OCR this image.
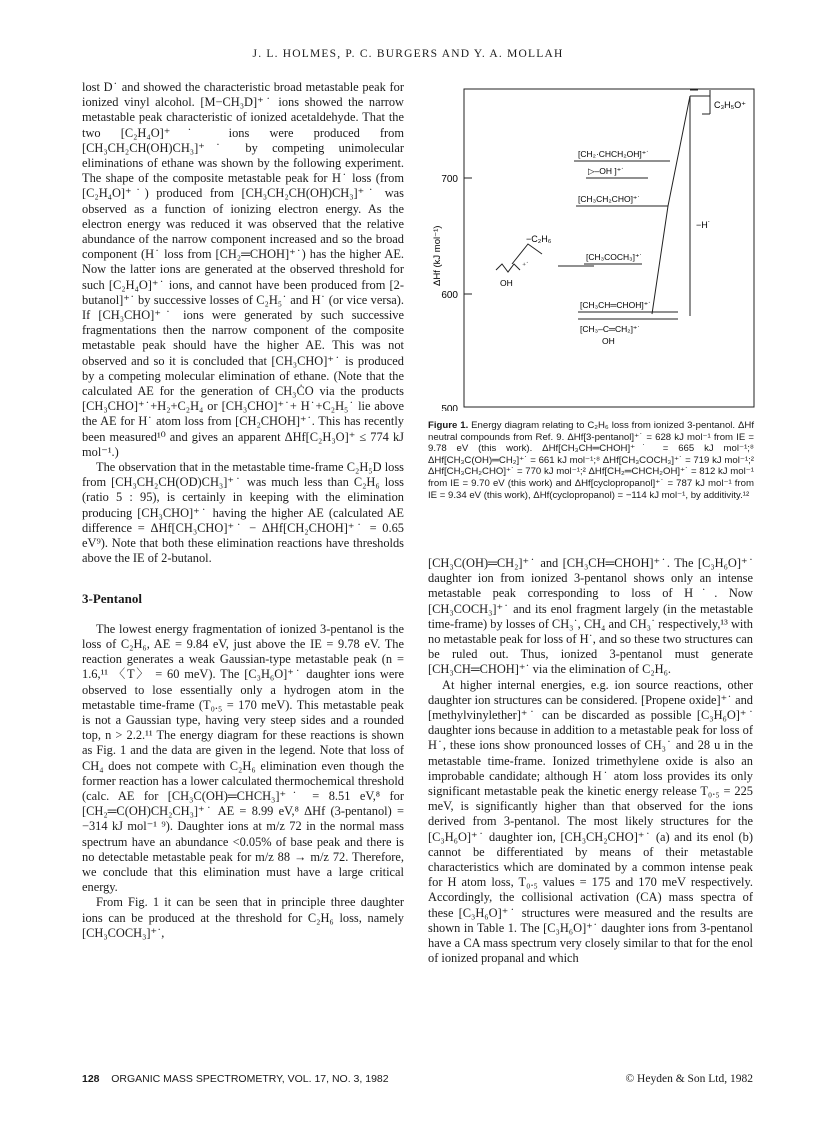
J. L. HOLMES, P. C. BURGERS AND Y. A. MOLLAH

lost D˙ and showed the characteristic broad metastable peak for ionized vinyl alcohol. [M−CH₃D]⁺˙ ions showed the narrow metastable peak characteristic of ionized acetaldehyde. That the two [C₂H₄O]⁺˙ ions were produced from [CH₃CH₂CH(OH)CH₃]⁺˙ by competing unimolecular eliminations of ethane was shown by the following experiment. The shape of the composite metastable peak for H˙ loss (from [C₂H₄O]⁺˙) produced from [CH₃CH₂CH(OH)CH₃]⁺˙ was observed as a function of ionizing electron energy. As the electron energy was reduced it was observed that the relative abundance of the narrow component increased and so the broad component (H˙ loss from [CH₂═CHOH]⁺˙) has the higher AE. Now the latter ions are generated at the observed threshold for such [C₂H₄O]⁺˙ ions, and cannot have been produced from [2-butanol]⁺˙ by successive losses of C₂H₅˙ and H˙ (or vice versa). If [CH₃CHO]⁺˙ ions were generated by such successive fragmentations then the narrow component of the composite metastable peak should have the higher AE. This was not observed and so it is concluded that [CH₃CHO]⁺˙ is produced by a competing molecular elimination of ethane. (Note that the calculated AE for the generation of CH₃ĊO via the products [CH₃CHO]⁺˙+H₂+C₂H₄ or [CH₃CHO]⁺˙+ H˙+C₂H₅˙ lie above the AE for H˙ atom loss from [CH₂CHOH]⁺˙. This has recently been measured¹⁰ and gives an apparent ΔHf[C₂H₃O]⁺ ≤ 774 kJ mol⁻¹.)

The observation that in the metastable time-frame C₂H₅D loss from [CH₃CH₂CH(OD)CH₃]⁺˙ was much less than C₂H₆ loss (ratio 5 : 95), is certainly in keeping with the elimination producing [CH₃CHO]⁺˙ having the higher AE (calculated AE difference = ΔHf[CH₃CHO]⁺˙ − ΔHf[CH₂CHOH]⁺˙ = 0.65 eV⁹). Note that both these elimination reactions have thresholds above the IE of 2-butanol.

3-Pentanol

The lowest energy fragmentation of ionized 3-pentanol is the loss of C₂H₆, AE = 9.84 eV, just above the IE = 9.78 eV. The reaction generates a weak Gaussian-type metastable peak (n = 1.6,¹¹ 〈T〉 = 60 meV). The [C₃H₆O]⁺˙ daughter ions were observed to lose essentially only a hydrogen atom in the metastable time-frame (T₀.₅ = 170 meV). This metastable peak is not a Gaussian type, having very steep sides and a rounded top, n > 2.2.¹¹ The energy diagram for these reactions is shown as Fig. 1 and the data are given in the legend. Note that loss of CH₄ does not compete with C₂H₆ elimination even though the former reaction has a lower calculated thermochemical threshold (calc. AE for [CH₃C(OH)═CHCH₃]⁺˙ = 8.51 eV,⁸ for [CH₂═C(OH)CH₂CH₃]⁺˙ AE = 8.99 eV,⁸ ΔHf (3-pentanol) = −314 kJ mol⁻¹ ⁹). Daughter ions at m/z 72 in the normal mass spectrum have an abundance <0.05% of base peak and there is no detectable metastable peak for m/z 88 → m/z 72. Therefore, we conclude that this elimination must have a large critical energy.

From Fig. 1 it can be seen that in principle three daughter ions can be produced at the threshold for C₂H₆ loss, namely [CH₃COCH₃]⁺˙,

700
600
500
ΔHf (kJ mol⁻¹)
C₃H₅O⁺
[CH₂·CHCH₂OH]⁺˙
▷–OH ]⁺˙
[CH₃CH₂CHO]⁺˙
−H˙
−C₂H₆
⁺˙
OH
[CH₃COCH₃]⁺˙
[CH₃CH═CHOH]⁺˙
[CH₃–C═CH₂]⁺˙
OH
Figure 1. Energy diagram relating to C₂H₆ loss from ionized 3-pentanol. ΔHf neutral compounds from Ref. 9. ΔHf[3-pentanol]⁺˙ = 628 kJ mol⁻¹ from IE = 9.78 eV (this work). ΔHf[CH₃CH═CHOH]⁺˙ = 665 kJ mol⁻¹;⁸ ΔHf[CH₃C(OH)═CH₂]⁺˙ = 661 kJ mol⁻¹;⁸ ΔHf[CH₃COCH₃]⁺˙ = 719 kJ mol⁻¹;² ΔHf[CH₃CH₂CHO]⁺˙ = 770 kJ mol⁻¹;² ΔHf[CH₂═CHCH₂OH]⁺˙ = 812 kJ mol⁻¹ from IE = 9.70 eV (this work) and ΔHf[cyclopropanol]⁺˙ = 787 kJ mol⁻¹ from IE = 9.34 eV (this work), ΔHf(cyclopropanol) = −114 kJ mol⁻¹, by additivity.¹²

[CH₃C(OH)═CH₂]⁺˙ and [CH₃CH═CHOH]⁺˙. The [C₃H₆O]⁺˙ daughter ion from ionized 3-pentanol shows only an intense metastable peak corresponding to loss of H˙. Now [CH₃COCH₃]⁺˙ and its enol fragment largely (in the metastable time-frame) by losses of CH₃˙, CH₄ and CH₃˙ respectively,¹³ with no metastable peak for loss of H˙, and so these two structures can be ruled out. Thus, ionized 3-pentanol must generate [CH₃CH═CHOH]⁺˙ via the elimination of C₂H₆.

At higher internal energies, e.g. ion source reactions, other daughter ion structures can be considered. [Propene oxide]⁺˙ and [methylvinylether]⁺˙ can be discarded as possible [C₃H₆O]⁺˙ daughter ions because in addition to a metastable peak for loss of H˙, these ions show pronounced losses of CH₃˙ and 28 u in the metastable time-frame. Ionized trimethylene oxide is also an improbable candidate; although H˙ atom loss provides its only significant metastable peak the kinetic energy release T₀.₅ = 225 meV, is significantly higher than that observed for the ions derived from 3-pentanol. The most likely structures for the [C₃H₆O]⁺˙ daughter ion, [CH₃CH₂CHO]⁺˙ (a) and its enol (b) cannot be differentiated by means of their metastable characteristics which are dominated by a common intense peak for H atom loss, T₀.₅ values = 175 and 170 meV respectively. Accordingly, the collisional activation (CA) mass spectra of these [C₃H₆O]⁺˙ structures were measured and the results are shown in Table 1. The [C₃H₆O]⁺˙ daughter ions from 3-pentanol have a CA mass spectrum very closely similar to that for the enol of ionized propanal and which

128 ORGANIC MASS SPECTROMETRY, VOL. 17, NO. 3, 1982	© Heyden & Son Ltd, 1982
